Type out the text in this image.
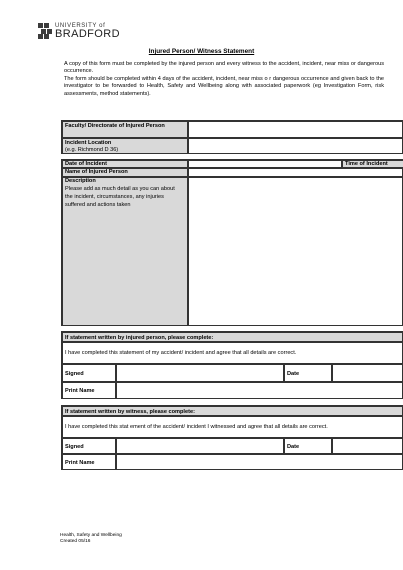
UNIVERSITY of
BRADFORD
Injured Person/ Witness Statement

A copy of this form must be completed by the injured person and every witness to the accident, incident, near miss or dangerous occurrence.

The form should be completed within 4 days of the accident, incident, near miss o r dangerous occurrence and given back to the investigator to be forwarded to Health, Safety and Wellbeing along with associated paperwork (eg Investigation Form, risk assessments, method statements).

Faculty/ Directorate of Injured Person
Incident Location
(e.g. Richmond D 36)
Date of Incident	Time of Incident
Name of Injured Person
Description
Please add as much detail as you can about the incident, circumstances, any injuries suffered and actions taken
If statement written by injured person, please complete:
I have completed this statement of my accident/ incident and agree that all details are correct.
Signed	Date
Print Name
If statement written by witness, please complete:
I have completed this stat ement of the accident/ incident I witnessed and agree that all details are correct.
Signed	Date
Print Name
Health, Safety and Wellbeing
Created 05/16
